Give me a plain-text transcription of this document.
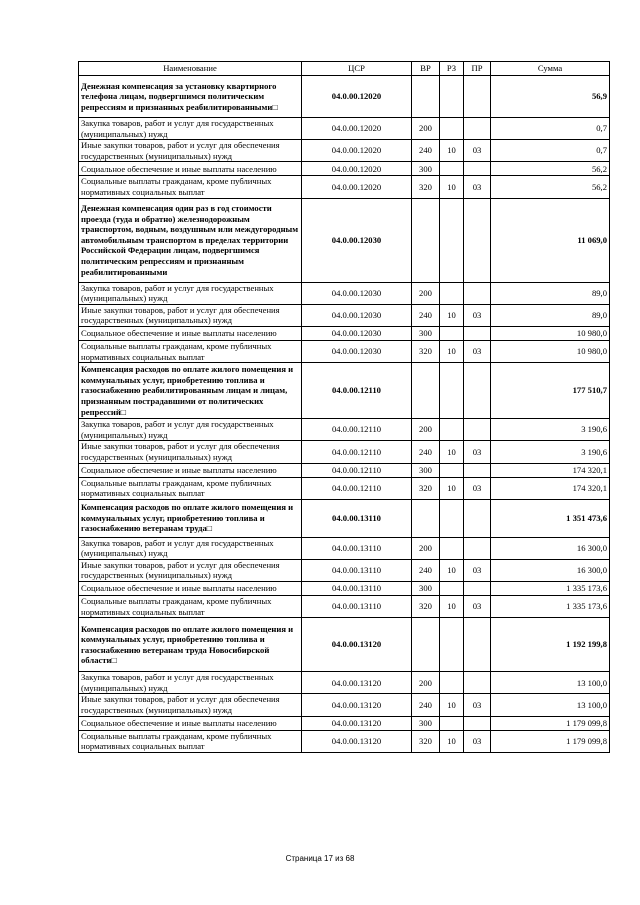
Наименование	ЦСР	ВР	РЗ	ПР	Сумма
Денежная компенсация за установку квартирного телефона лицам, подвергшимся политическим репрессиям и признанных реабилитированными□	04.0.00.12020				56,9
Закупка товаров, работ и услуг для государственных (муниципальных) нужд	04.0.00.12020	200			0,7
Иные закупки товаров, работ и услуг для обеспечения государственных (муниципальных) нужд	04.0.00.12020	240	10	03	0,7
Социальное обеспечение и иные выплаты населению	04.0.00.12020	300			56,2
Социальные выплаты гражданам, кроме публичных нормативных социальных выплат	04.0.00.12020	320	10	03	56,2
Денежная компенсация один раз в год стоимости проезда (туда и обратно) железнодорожным транспортом, водным, воздушным или междугородным автомобильным транспортом в пределах территории Российской Федерации лицам, подвергшимся политическим репрессиям и признанным реабилитированными	04.0.00.12030				11 069,0
Закупка товаров, работ и услуг для государственных (муниципальных) нужд	04.0.00.12030	200			89,0
Иные закупки товаров, работ и услуг для обеспечения государственных (муниципальных) нужд	04.0.00.12030	240	10	03	89,0
Социальное обеспечение и иные выплаты населению	04.0.00.12030	300			10 980,0
Социальные выплаты гражданам, кроме публичных нормативных социальных выплат	04.0.00.12030	320	10	03	10 980,0
Компенсация расходов по оплате жилого помещения и коммунальных услуг, приобретению топлива и газоснабжению реабилитированным лицам и лицам, признанным пострадавшими от политических репрессий□	04.0.00.12110				177 510,7
Закупка товаров, работ и услуг для государственных (муниципальных) нужд	04.0.00.12110	200			3 190,6
Иные закупки товаров, работ и услуг для обеспечения государственных (муниципальных) нужд	04.0.00.12110	240	10	03	3 190,6
Социальное обеспечение и иные выплаты населению	04.0.00.12110	300			174 320,1
Социальные выплаты гражданам, кроме публичных нормативных социальных выплат	04.0.00.12110	320	10	03	174 320,1
Компенсация расходов по оплате жилого помещения и коммунальных услуг, приобретению топлива и газоснабжению ветеранам труда□	04.0.00.13110				1 351 473,6
Закупка товаров, работ и услуг для государственных (муниципальных) нужд	04.0.00.13110	200			16 300,0
Иные закупки товаров, работ и услуг для обеспечения государственных (муниципальных) нужд	04.0.00.13110	240	10	03	16 300,0
Социальное обеспечение и иные выплаты населению	04.0.00.13110	300			1 335 173,6
Социальные выплаты гражданам, кроме публичных нормативных социальных выплат	04.0.00.13110	320	10	03	1 335 173,6
Компенсация расходов по оплате жилого помещения и коммунальных услуг, приобретению топлива и газоснабжению ветеранам труда Новосибирской области□	04.0.00.13120				1 192 199,8
Закупка товаров, работ и услуг для государственных (муниципальных) нужд	04.0.00.13120	200			13 100,0
Иные закупки товаров, работ и услуг для обеспечения государственных (муниципальных) нужд	04.0.00.13120	240	10	03	13 100,0
Социальное обеспечение и иные выплаты населению	04.0.00.13120	300			1 179 099,8
Социальные выплаты гражданам, кроме публичных нормативных социальных выплат	04.0.00.13120	320	10	03	1 179 099,8
Страница 17 из 68
